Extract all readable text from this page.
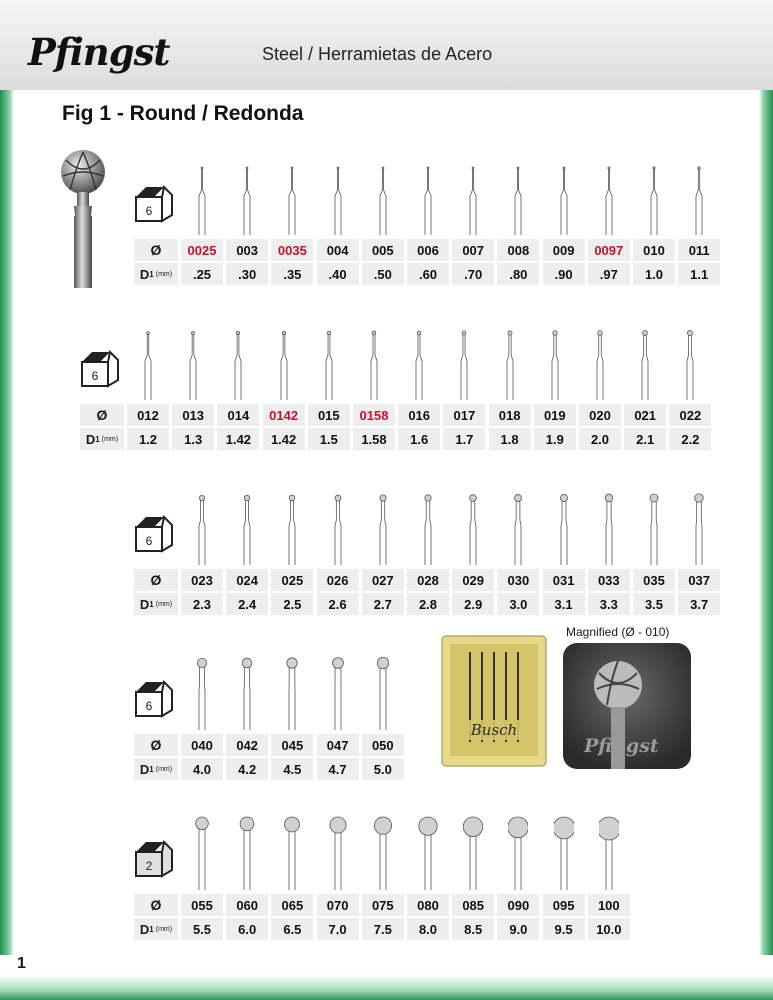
Pfingst	Steel / Herramietas de Acero
Fig 1 - Round / Redonda
6
Ø
D 1 (mm)
0025
.25
003
.30
0035
.35
004
.40
005
.50
006
.60
007
.70
008
.80
009
.90
0097
.97
010
1.0
011
1.1
6
Ø
D 1 (mm)
012
1.2
013
1.3
014
1.42
0142
1.42
015
1.5
0158
1.58
016
1.6
017
1.7
018
1.8
019
1.9
020
2.0
021
2.1
022
2.2
6
Ø
D 1 (mm)
023
2.3
024
2.4
025
2.5
026
2.6
027
2.7
028
2.8
029
2.9
030
3.0
031
3.1
033
3.3
035
3.5
037
3.7
6
Ø
D 1 (mm)
040
4.0
042
4.2
045
4.5
047
4.7
050
5.0
2
Ø
D 1 (mm)
055
5.5
060
6.0
065
6.5
070
7.0
075
7.5
080
8.0
085
8.5
090
9.0
095
9.5
100
10.0
Busch
Magnified (Ø - 010)
Pfingst
1
